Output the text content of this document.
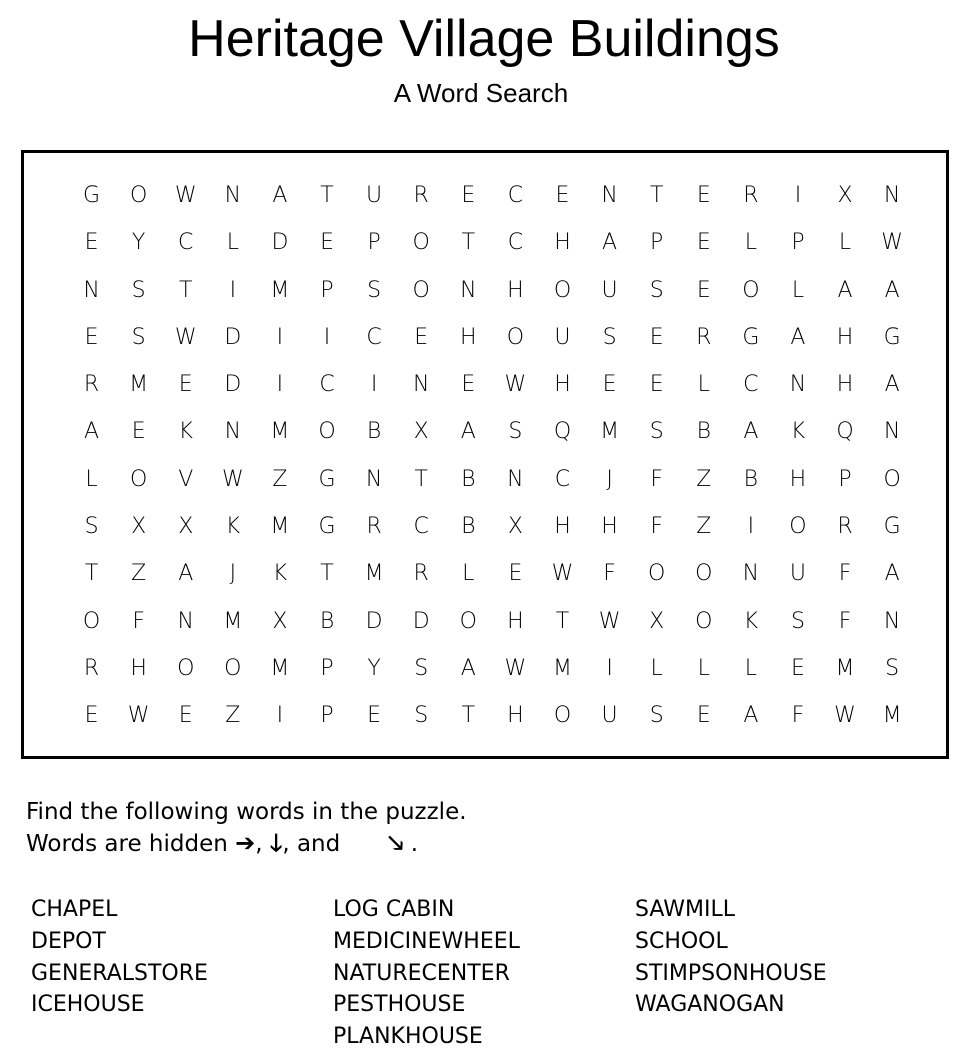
Heritage Village Buildings
A Word Search
G	O	W	N	A	T	U	R	E	C	E	N	T	E	R	I	X	N
E	Y	C	L	D	E	P	O	T	C	H	A	P	E	L	P	L	W
N	S	T	I	M	P	S	O	N	H	O	U	S	E	O	L	A	A
E	S	W	D	I	I	C	E	H	O	U	S	E	R	G	A	H	G
R	M	E	D	I	C	I	N	E	W	H	E	E	L	C	N	H	A
A	E	K	N	M	O	B	X	A	S	Q	M	S	B	A	K	Q	N
L	O	V	W	Z	G	N	T	B	N	C	J	F	Z	B	H	P	O
S	X	X	K	M	G	R	C	B	X	H	H	F	Z	I	O	R	G
T	Z	A	J	K	T	M	R	L	E	W	F	O	O	N	U	F	A
O	F	N	M	X	B	D	D	O	H	T	W	X	O	K	S	F	N
R	H	O	O	M	P	Y	S	A	W	M	I	L	L	L	E	M	S
E	W	E	Z	I	P	E	S	T	H	O	U	S	E	A	F	W	M
Find the following words in the puzzle.
Words are hidden ➔, 🡓, and 🡖 .
CHAPEL
DEPOT
GENERALSTORE
ICEHOUSE
LOG CABIN
MEDICINEWHEEL
NATURECENTER
PESTHOUSE
PLANKHOUSE
SAWMILL
SCHOOL
STIMPSONHOUSE
WAGANOGAN
